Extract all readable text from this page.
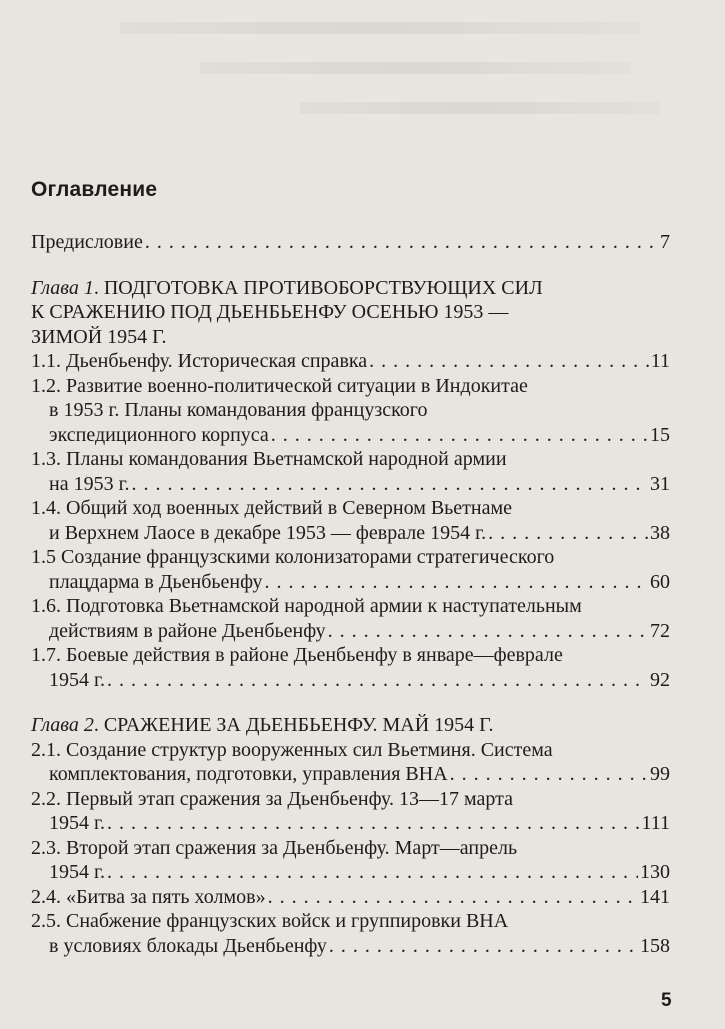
Оглавление
Предисловие . . .	7
Глава 1 . ПОДГОТОВКА ПРОТИВОБОРСТВУЮЩИХ СИЛ
К СРАЖЕНИЮ ПОД ДЬЕНБЬЕНФУ ОСЕНЬЮ 1953 —
ЗИМОЙ 1954 Г.
1.1.
Дьенбьенфу. Историческая справка . . .	11
1.2.
Развитие военно-политической ситуации в Индокитае
в 1953 г. Планы командования французского
экспедиционного корпуса . . .	15
1.3.
Планы командования Вьетнамской народной армии
на 1953 г. . . .	31
1.4.
Общий ход военных действий в Северном Вьетнаме
и Верхнем Лаосе в декабре 1953 — феврале 1954 г. . . .	38
1.5
Создание французскими колонизаторами стратегического
плацдарма в Дьенбьенфу . . .	60
1.6.
Подготовка Вьетнамской народной армии к наступательным
действиям в районе Дьенбьенфу . . .	72
1.7.
Боевые действия в районе Дьенбьенфу в январе—феврале
1954 г. . . .	92
Глава 2 . СРАЖЕНИЕ ЗА ДЬЕНБЬЕНФУ. МАЙ 1954 Г.
2.1.
Создание структур вооруженных сил Вьетминя. Система
комплектования, подготовки, управления ВНА . . .	99
2.2.
Первый этап сражения за Дьенбьенфу. 13—17 марта
1954 г. . . .	111
2.3.
Второй этап сражения за Дьенбьенфу. Март—апрель
1954 г. . . .	130
2.4.
«Битва за пять холмов» . . .	141
2.5.
Снабжение французских войск и группировки ВНА
в условиях блокады Дьенбьенфу . . .	158
5
